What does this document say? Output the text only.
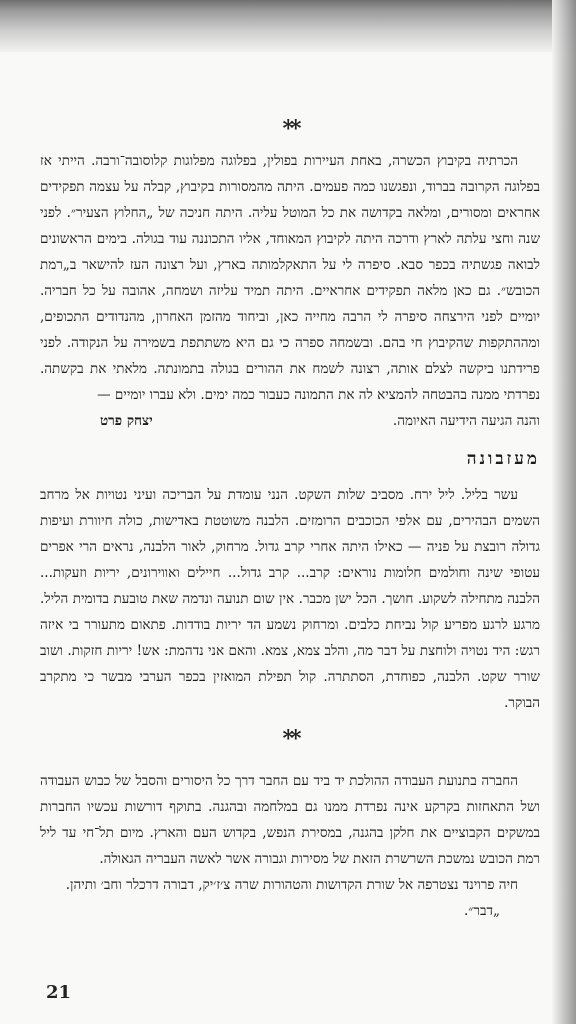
**

הכרתיה בקיבוץ הכשרה, באחת העיירות בפולין, בפלוגה מפלוגות קלוסובה־ורבה. הייתי אז בפלוגה הקרובה בברוד, ונפגשנו כמה פעמים. היתה מהמסורות בקיבוץ, קבלה על עצמה תפקידים אחראים ומסורים, ומלאה בקדושה את כל המוטל עליה. היתה חניכה של „החלוץ הצעיר״. לפני שנה וחצי עלתה לארץ ודרכה היתה לקיבוץ המאוחד, אליו התכוננה עוד בגולה. בימים הראשונים לבואה פגשתיה בכפר סבא. סיפרה לי על התאקלמותה בארץ, ועל רצונה העז להישאר ב„רמת הכובש״. גם כאן מלאה תפקידים אחראיים. היתה תמיד עליזה ושמחה, אהובה על כל חבריה. יומיים לפני הירצחה סיפרה לי הרבה מחייה כאן, וביחוד מהזמן האחרון, מהנדודים התכופים, ומההתקפות שהקיבוץ חי בהם. ובשמחה ספרה כי גם היא משתתפת בשמירה על הנקודה. לפני פרידתנו ביקשה לצלם אותה, רצונה לשמח את ההורים בגולה בתמונתה. מלאתי את בקשתה. נפרדתי ממנה בהבטחה להמציא לה את התמונה כעבור כמה ימים. ולא עברו יומיים —

והנה הגיעה הידיעה האיומה.
יצחק פרט
מעזבונה

עשר בליל. ליל ירח. מסביב שלות השקט. הנני עומדת על הבריכה ועיני נטויות אל מרחב השמים הבהירים, עם אלפי הכוכבים הרומזים. הלבנה משוטטת באדישות, כולה חיוורת ועיפות גדולה רובצת על פניה — כאילו היתה אחרי קרב גדול. מרחוק, לאור הלבנה, נראים הרי אפרים עטופי שינה וחולמים חלומות נוראים: קרב... קרב גדול... חיילים ואווירונים, יריות וזעקות... הלבנה מתחילה לשקוע. חושך. הכל ישן מכבר. אין שום תנועה ונדמה שאת טובעת בדומית הליל. מרגע לרגע מפריע קול נביחת כלבים. ומרחוק נשמע הד יריות בודדות. פתאום מתעורר בי איזה רגש: היד נטויה ולוחצת על דבר מה, והלב צמא, צמא. והאם אני נדהמת: אש! יריות חזקות. ושוב שורר שקט. הלבנה, כפוחדת, הסתתרה. קול תפילת המואזין בכפר הערבי מבשר כי מתקרב הבוקר.

**

החברה בתנועת העבודה ההולכת יד ביד עם החבר דרך כל היסורים והסבל של כבוש העבודה ושל התאחזות בקרקע אינה נפרדת ממנו גם במלחמה ובהגנה. בתוקף דורשות עכשיו החברות במשקים הקבוציים את חלקן בהגנה, במסירת הנפש, בקדוש העם והארץ. מיום תל־חי עד ליל רמת הכובש נמשכת השרשרת הזאת של מסירות וגבורה אשר לאשה העבריה הגאולה.

חיה פרוינד נצטרפה אל שורת הקדושות והטהורות שרה צ׳ז׳יק, דבורה דרכלר וחב׳ ותיהן.

„דבר״.
21
